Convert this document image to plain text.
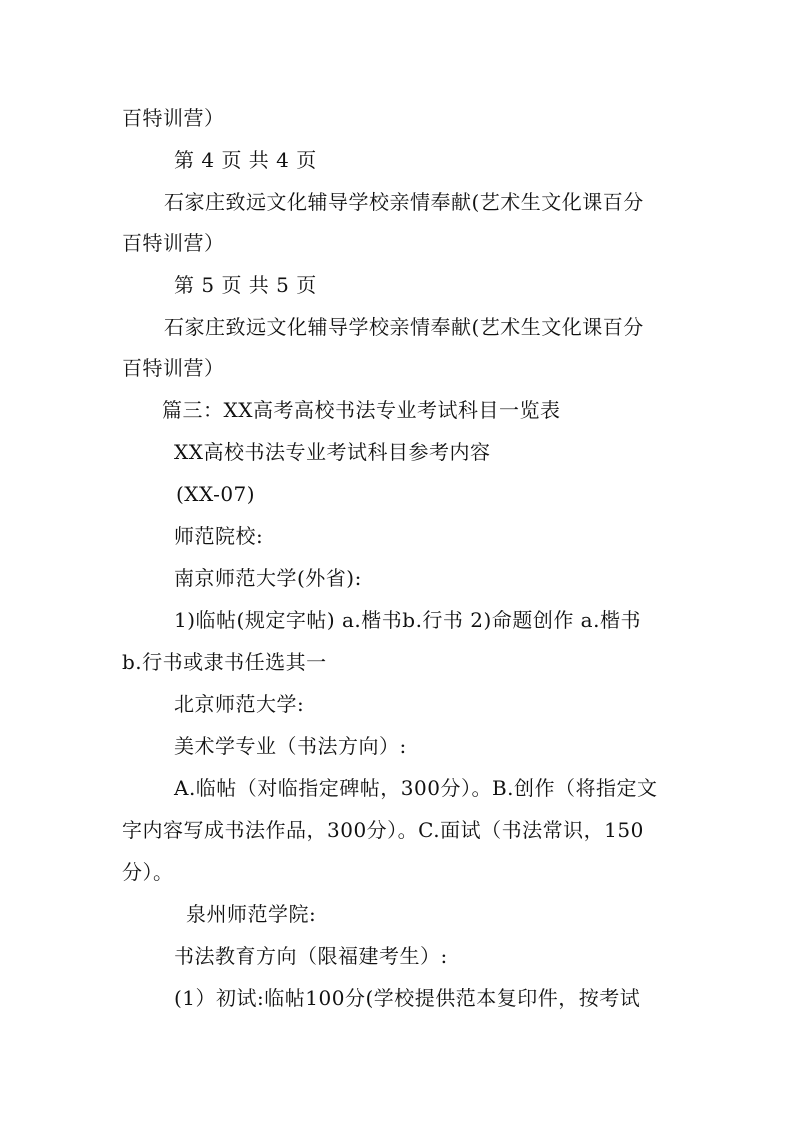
百特训营）
第 4 页 共 4 页
石家庄致远文化辅导学校亲情奉献(艺术生文化课百分
百特训营）
第 5 页 共 5 页
石家庄致远文化辅导学校亲情奉献(艺术生文化课百分
百特训营）
篇三：XX高考高校书法专业考试科目一览表
XX高校书法专业考试科目参考内容
(XX-07)
师范院校:
南京师范大学(外省):
1)临帖(规定字帖) a.楷书b.行书 2)命题创作 a.楷书
b.行书或隶书任选其一
北京师范大学:
美术学专业（书法方向）:
A.临帖（对临指定碑帖，300分）。B.创作（将指定文
字内容写成书法作品，300分）。C.面试（书法常识，150
分）。
泉州师范学院:
书法教育方向（限福建考生）:
(1）初试:临帖100分(学校提供范本复印件，按考试
